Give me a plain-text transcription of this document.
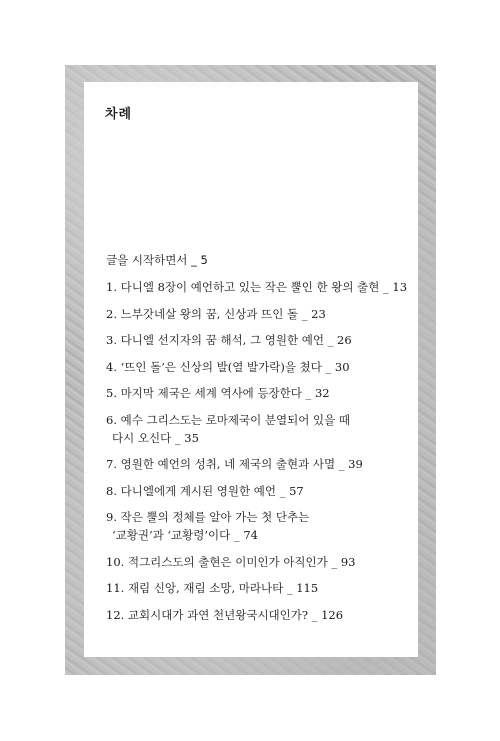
차례

글을 시작하면서 _ 5

1. 다니엘 8장이 예언하고 있는 작은 뿔인 한 왕의 출현 _ 13
2. 느부갓네살 왕의 꿈, 신상과 뜨인 돌 _ 23
3. 다니엘 선지자의 꿈 해석, 그 영원한 예언 _ 26
4. ‘뜨인 돌’은 신상의 발(열 발가락)을 쳤다 _ 30
5. 마지막 제국은 세계 역사에 등장한다 _ 32
6. 예수 그리스도는 로마제국이 분열되어 있을 때
다시 오신다 _ 35
7. 영원한 예언의 성취, 네 제국의 출현과 사멸 _ 39
8. 다니엘에게 계시된 영원한 예언 _ 57
9. 작은 뿔의 정체를 알아 가는 첫 단추는
‘교황권’과 ‘교황령’이다 _ 74
10. 적그리스도의 출현은 이미인가 아직인가 _ 93
11. 재림 신앙, 재림 소망, 마라나타 _ 115
12. 교회시대가 과연 천년왕국시대인가? _ 126
